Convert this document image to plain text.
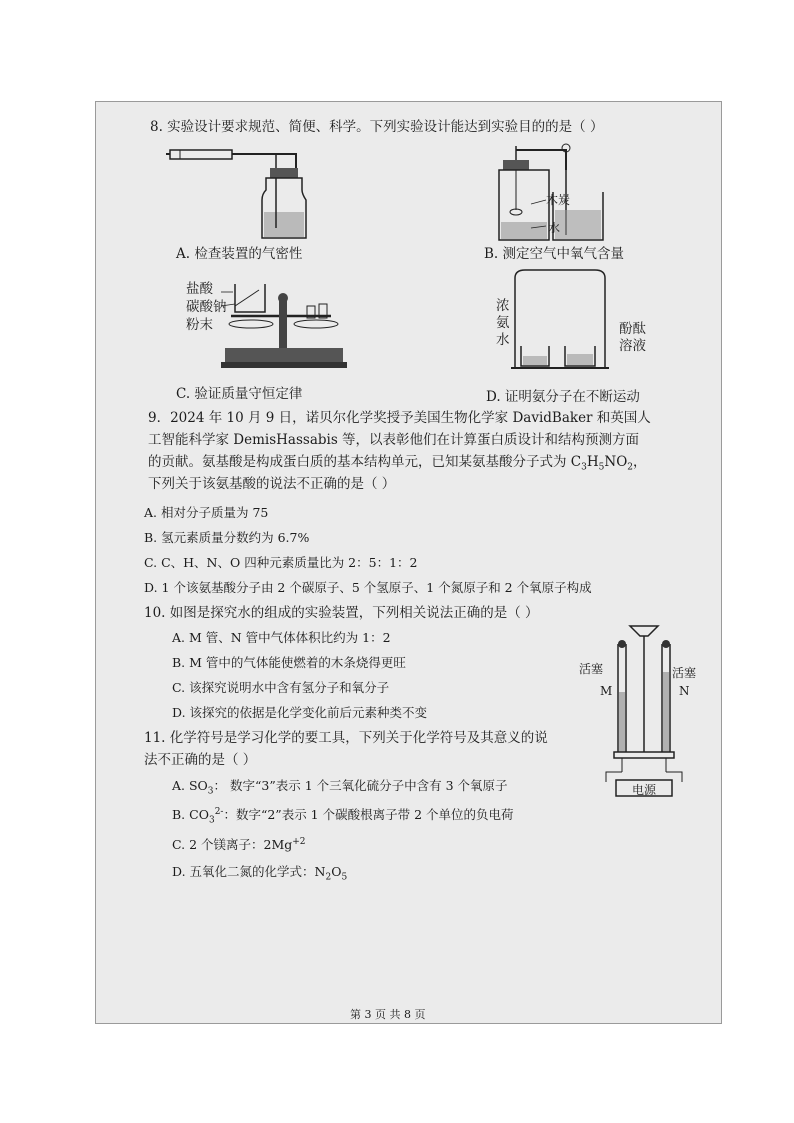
8. 实验设计要求规范、简便、科学。下列实验设计能达到实验目的的是（ ）
A. 检查装置的气密性
木炭
水
B. 测定空气中氧气含量
盐酸
碳酸钠
粉末
C. 验证质量守恒定律
浓
氨
水
酚酞
溶液
D. 证明氨分子在不断运动
9．2024 年 10 月 9 日，诺贝尔化学奖授予美国生物化学家 DavidBaker 和英国人
工智能科学家 DemisHassabis 等，以表彰他们在计算蛋白质设计和结构预测方面
的贡献。氨基酸是构成蛋白质的基本结构单元，已知某氨基酸分子式为 $C_3H_5NO_2$，
下列关于该氨基酸的说法不正确的是（ ）
A. 相对分子质量为 75
B. 氢元素质量分数约为 6.7%
C. C、H、N、O 四种元素质量比为 2：5：1：2
D. 1 个该氨基酸分子由 2 个碳原子、5 个氢原子、1 个氮原子和 2 个氧原子构成
10. 如图是探究水的组成的实验装置，下列相关说法正确的是（ ）
A. M 管、N 管中气体体积比约为 1：2
B. M 管中的气体能使燃着的木条烧得更旺
C. 该探究说明水中含有氢分子和氧分子
D. 该探究的依据是化学变化前后元素种类不变
活塞	活塞
M	N
电源
11. 化学符号是学习化学的要工具，下列关于化学符号及其意义的说
法不正确的是（ ）
A. $SO_3$： 数字“3”表示 1 个三氧化硫分子中含有 3 个氧原子
B. $CO_3^{2-}$：数字“2”表示 1 个碳酸根离子带 2 个单位的负电荷
C. 2 个镁离子：$2Mg^{+2}$
D. 五氧化二氮的化学式：$N_2O_5$
第 3 页 共 8 页
